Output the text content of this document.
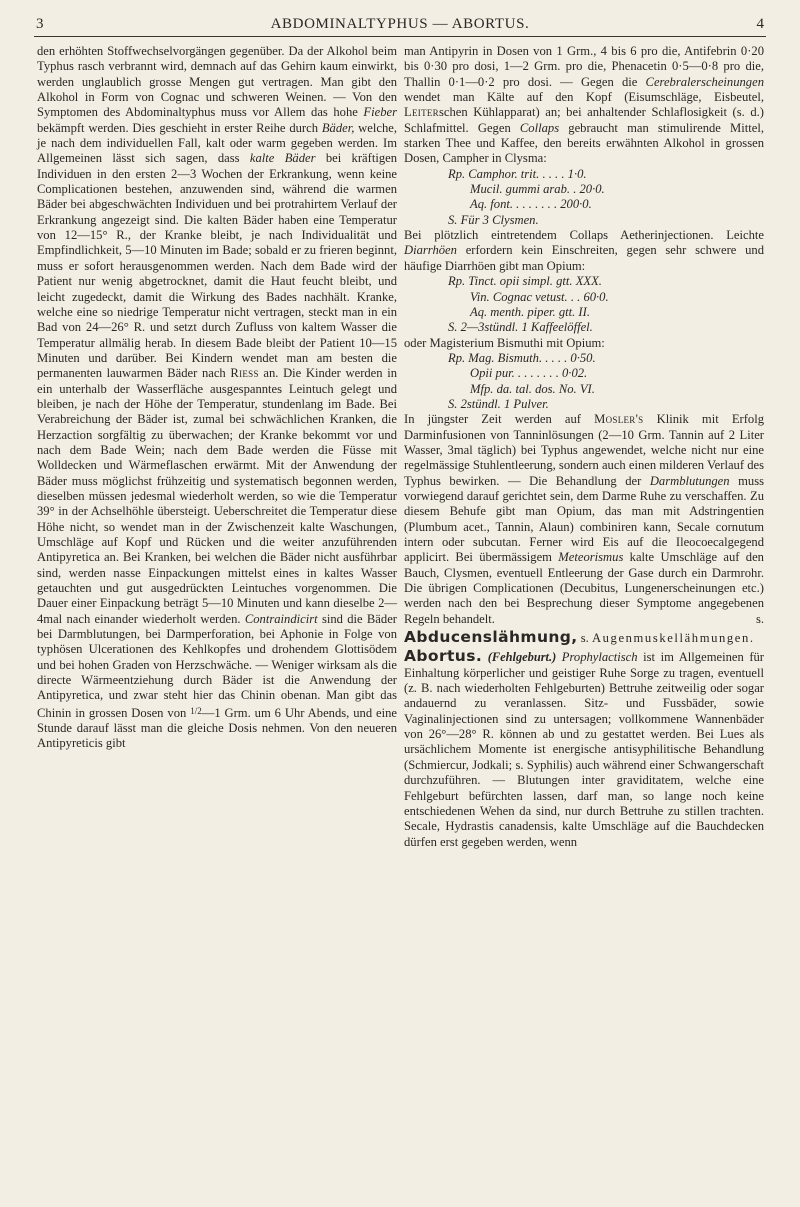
3	ABDOMINALTYPHUS — ABORTUS.	4

den erhöhten Stoffwechselvorgängen gegenüber. Da der Alkohol beim Typhus rasch verbrannt wird, demnach auf das Gehirn kaum einwirkt, werden unglaublich grosse Mengen gut vertragen. Man gibt den Alkohol in Form von Cognac und schweren Weinen. — Von den Symptomen des Abdominaltyphus muss vor Allem das hohe Fieber bekämpft werden. Dies geschieht in erster Reihe durch Bäder, welche, je nach dem individuellen Fall, kalt oder warm gegeben werden. Im Allgemeinen lässt sich sagen, dass kalte Bäder bei kräftigen Individuen in den ersten 2—3 Wochen der Erkrankung, wenn keine Complicationen bestehen, anzuwenden sind, während die warmen Bäder bei abgeschwächten Individuen und bei protrahirtem Verlauf der Erkrankung angezeigt sind. Die kalten Bäder haben eine Temperatur von 12—15° R., der Kranke bleibt, je nach Individualität und Empfindlichkeit, 5—10 Minuten im Bade; sobald er zu frieren beginnt, muss er sofort herausgenommen werden. Nach dem Bade wird der Patient nur wenig abgetrocknet, damit die Haut feucht bleibt, und leicht zugedeckt, damit die Wirkung des Bades nachhält. Kranke, welche eine so niedrige Temperatur nicht vertragen, steckt man in ein Bad von 24—26° R. und setzt durch Zufluss von kaltem Wasser die Temperatur allmälig herab. In diesem Bade bleibt der Patient 10—15 Minuten und darüber. Bei Kindern wendet man am besten die permanenten lauwarmen Bäder nach Riess an. Die Kinder werden in ein unterhalb der Wasserfläche ausgespanntes Leintuch gelegt und bleiben, je nach der Höhe der Temperatur, stundenlang im Bade. Bei Verabreichung der Bäder ist, zumal bei schwächlichen Kranken, die Herzaction sorgfältig zu überwachen; der Kranke bekommt vor und nach dem Bade Wein; nach dem Bade werden die Füsse mit Wolldecken und Wärmeflaschen erwärmt. Mit der Anwendung der Bäder muss möglichst frühzeitig und systematisch begonnen werden, dieselben müssen jedesmal wiederholt werden, so wie die Temperatur 39° in der Achselhöhle übersteigt. Ueberschreitet die Temperatur diese Höhe nicht, so wendet man in der Zwischenzeit kalte Waschungen, Umschläge auf Kopf und Rücken und die weiter anzuführenden Antipyretica an. Bei Kranken, bei welchen die Bäder nicht ausführbar sind, werden nasse Einpackungen mittelst eines in kaltes Wasser getauchten und gut ausgedrückten Leintuches vorgenommen. Die Dauer einer Einpackung beträgt 5—10 Minuten und kann dieselbe 2—4mal nach einander wiederholt werden. Contraindicirt sind die Bäder bei Darmblutungen, bei Darmperforation, bei Aphonie in Folge von typhösen Ulcerationen des Kehlkopfes und drohendem Glottisödem und bei hohen Graden von Herzschwäche. — Weniger wirksam als die directe Wärmeentziehung durch Bäder ist die Anwendung der Antipyretica, und zwar steht hier das Chinin obenan. Man gibt das Chinin in grossen Dosen von $^{1/2}$—1 Grm. um 6 Uhr Abends, und eine Stunde darauf lässt man die gleiche Dosis nehmen. Von den neueren Antipyreticis gibt

man Antipyrin in Dosen von 1 Grm., 4 bis 6 pro die, Antifebrin 0·20 bis 0·30 pro dosi, 1—2 Grm. pro die, Phenacetin 0·5—0·8 pro die, Thallin 0·1—0·2 pro dosi. — Gegen die Cerebralerscheinungen wendet man Kälte auf den Kopf (Eisumschläge, Eisbeutel, Leiterschen Kühlapparat) an; bei anhaltender Schlaflosigkeit (s. d.) Schlafmittel. Gegen Collaps gebraucht man stimulirende Mittel, starken Thee und Kaffee, den bereits erwähnten Alkohol in grossen Dosen, Campher in Clysma:

Rp. Camphor. trit. . . . . 1·0.
Mucil. gummi arab. . 20·0.
Aq. font. . . . . . . . 200·0.
S. Für 3 Clysmen.

Bei plötzlich eintretendem Collaps Aetherinjectionen. Leichte Diarrhöen erfordern kein Einschreiten, gegen sehr schwere und häufige Diarrhöen gibt man Opium:

Rp. Tinct. opii simpl. gtt. XXX.
Vin. Cognac vetust. . . 60·0.
Aq. menth. piper. gtt. II.
S. 2—3stündl. 1 Kaffeelöffel.

oder Magisterium Bismuthi mit Opium:

Rp. Mag. Bismuth. . . . . 0·50.
Opii pur. . . . . . . . 0·02.
Mfp. da. tal. dos. No. VI.
S. 2stündl. 1 Pulver.

In jüngster Zeit werden auf Mosler's Klinik mit Erfolg Darminfusionen von Tanninlösungen (2—10 Grm. Tannin auf 2 Liter Wasser, 3mal täglich) bei Typhus angewendet, welche nicht nur eine regelmässige Stuhlentleerung, sondern auch einen milderen Verlauf des Typhus bewirken. — Die Behandlung der Darmblutungen muss vorwiegend darauf gerichtet sein, dem Darme Ruhe zu verschaffen. Zu diesem Behufe gibt man Opium, das man mit Adstringentien (Plumbum acet., Tannin, Alaun) combiniren kann, Secale cornutum intern oder subcutan. Ferner wird Eis auf die Ileocoecalgegend applicirt. Bei übermässigem Meteorismus kalte Umschläge auf den Bauch, Clysmen, eventuell Entleerung der Gase durch ein Darmrohr. Die übrigen Complicationen (Decubitus, Lungenerscheinungen etc.) werden nach den bei Besprechung dieser Symptome angegebenen Regeln behandelt.	s.

Abducenslähmung, s. Augenmuskellähmungen.

Abortus. (Fehlgeburt.) Prophylactisch ist im Allgemeinen für Einhaltung körperlicher und geistiger Ruhe Sorge zu tragen, eventuell (z. B. nach wiederholten Fehlgeburten) Bettruhe zeitweilig oder sogar andauernd zu veranlassen. Sitz- und Fussbäder, sowie Vaginalinjectionen sind zu untersagen; vollkommene Wannenbäder von 26°—28° R. können ab und zu gestattet werden. Bei Lues als ursächlichem Momente ist energische antisyphilitische Behandlung (Schmiercur, Jodkali; s. Syphilis) auch während einer Schwangerschaft durchzuführen. — Blutungen inter graviditatem, welche eine Fehlgeburt befürchten lassen, darf man, so lange noch keine entschiedenen Wehen da sind, nur durch Bettruhe zu stillen trachten. Secale, Hydrastis canadensis, kalte Umschläge auf die Bauchdecken dürfen erst gegeben werden, wenn
